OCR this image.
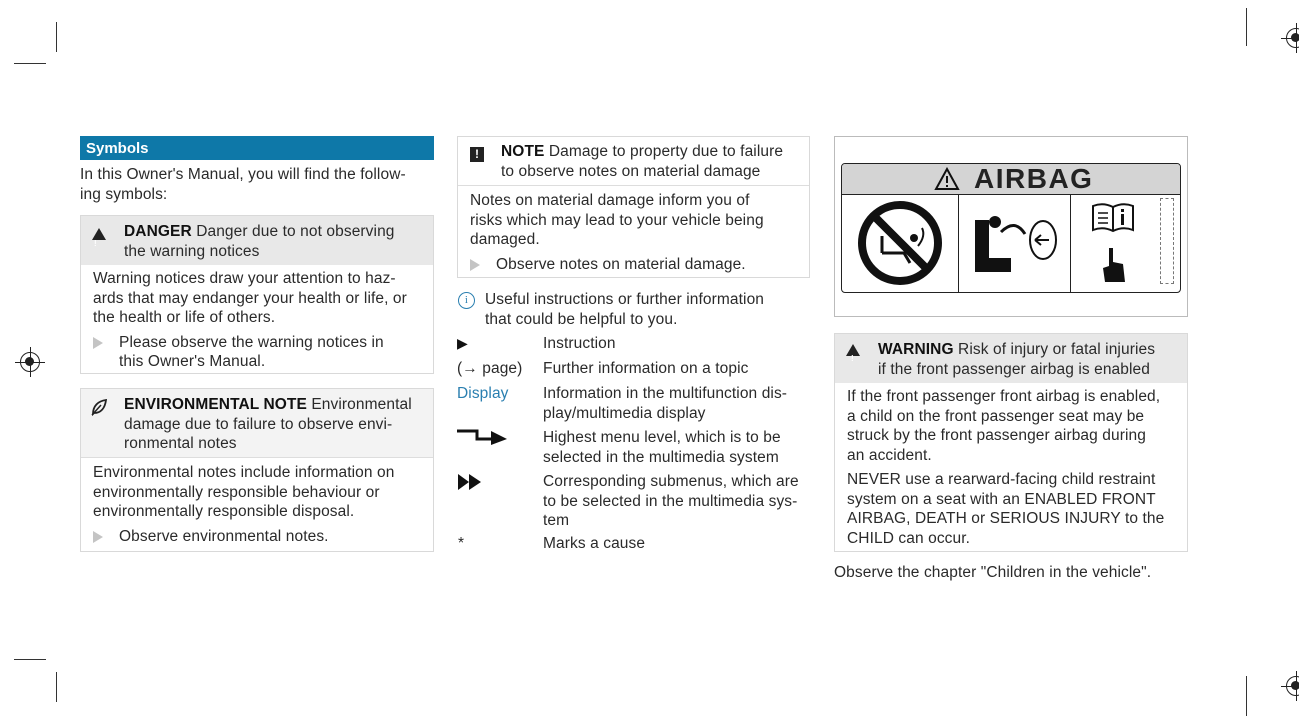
Symbols
In this Owner's Manual, you will find the follow-
ing symbols:
!
DANGER Danger due to not observing
the warning notices
Warning notices draw your attention to haz-
ards that may endanger your health or life, or
the health or life of others.
Please observe the warning notices in
this Owner's Manual.
ENVIRONMENTAL NOTE Environmental
damage due to failure to observe envi-
ronmental notes
Environmental notes include information on
environmentally responsible behaviour or
environmentally responsible disposal.
Observe environmental notes.
!	NOTE Damage to property due to failure
to observe notes on material damage
Notes on material damage inform you of
risks which may lead to your vehicle being
damaged.
Observe notes on material damage.
i	Useful instructions or further information
that could be helpful to you.
▶	Instruction
(→ page) Further information on a topic
Display Information in the multifunction dis-
play/multimedia display
Highest menu level, which is to be
selected in the multimedia system
Corresponding submenus, which are
to be selected in the multimedia sys-
tem
*	Marks a cause
AIRBAG
!
WARNING Risk of injury or fatal injuries
if the front passenger airbag is enabled
If the front passenger front airbag is enabled,
a child on the front passenger seat may be
struck by the front passenger airbag during
an accident.
NEVER use a rearward-facing child restraint
system on a seat with an ENABLED FRONT
AIRBAG, DEATH or SERIOUS INJURY to the
CHILD can occur.
Observe the chapter "Children in the vehicle".
